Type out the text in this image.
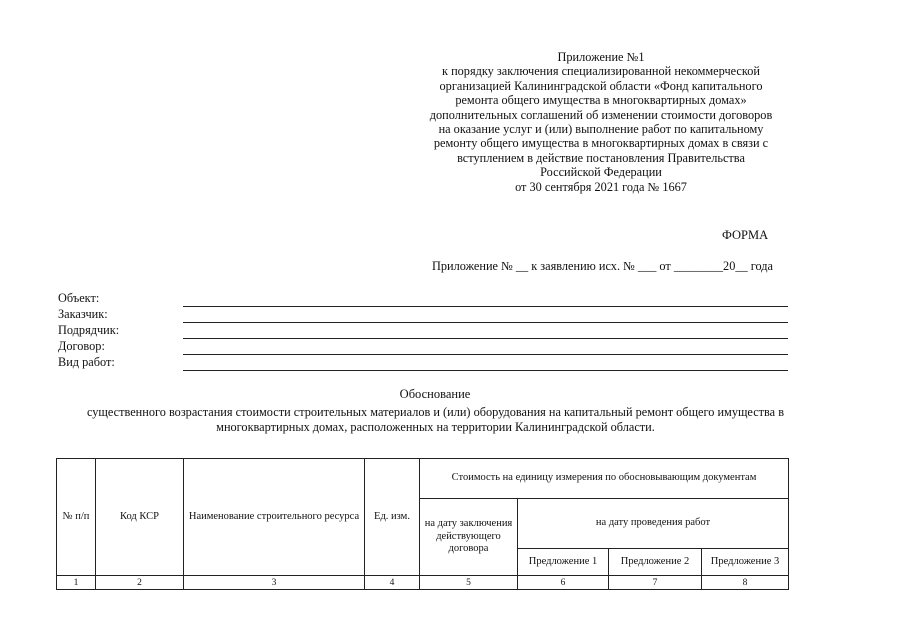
Приложение №1
к порядку заключения специализированной некоммерческой
организацией Калининградской области «Фонд капитального
ремонта общего имущества в многоквартирных домах»
дополнительных соглашений об изменении стоимости договоров
на оказание услуг и (или) выполнение работ по капитальному
ремонту общего имущества в многоквартирных домах в связи с
вступлением в действие постановления Правительства
Российской Федерации
от 30 сентября 2021 года № 1667
ФОРМА
Приложение № __ к заявлению исх. № ___ от ________20__ года
Объект:
Заказчик:
Подрядчик:
Договор:
Вид работ:
Обоснование
существенного возрастания стоимости строительных материалов и (или) оборудования на капитальный ремонт общего имущества в
многоквартирных домах, расположенных на территории Калининградской области.
№ п/п	Код КСР	Наименование строительного ресурса	Ед. изм.	Стоимость на единицу измерения по обосновывающим документам			
				на дату заключения действующего договора	на дату проведения работ		
					Предложение 1	Предложение 2	Предложение 3
1	2	3	4	5	6	7	8
